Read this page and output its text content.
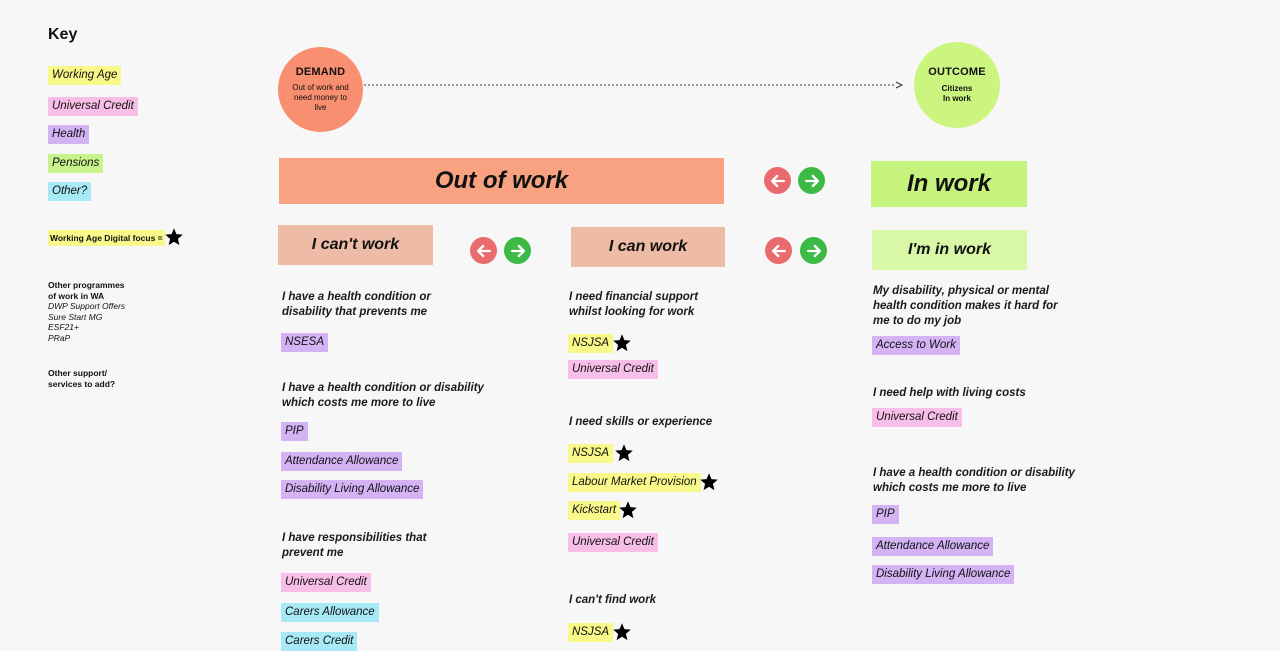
Key
Working Age
Universal Credit
Health
Pensions
Other?
Working Age Digital focus =

Other programmes

of work in WA

DWP Support Offers

Sure Start MG

ESF21+

PRaP

Other support/

services to add?

DEMAND
Out of work and
need money to
live
OUTCOME
Citizens
In work
Out of work	In work
I can't work	I can work	I'm in work

I have a health condition or disability that prevents me

NSESA

I have a health condition or disability which costs me more to live

PIP
Attendance Allowance
Disability Living Allowance

I have responsibilities that prevent me

Universal Credit
Carers Allowance
Carers Credit

I need financial support whilst looking for work

NSJSA
Universal Credit

I need skills or experience

NSJSA
Labour Market Provision
Kickstart
Universal Credit

I can't find work

NSJSA

My disability, physical or mental health condition makes it hard for me to do my job

Access to Work

I need help with living costs

Universal Credit

I have a health condition or disability which costs me more to live

PIP
Attendance Allowance
Disability Living Allowance
